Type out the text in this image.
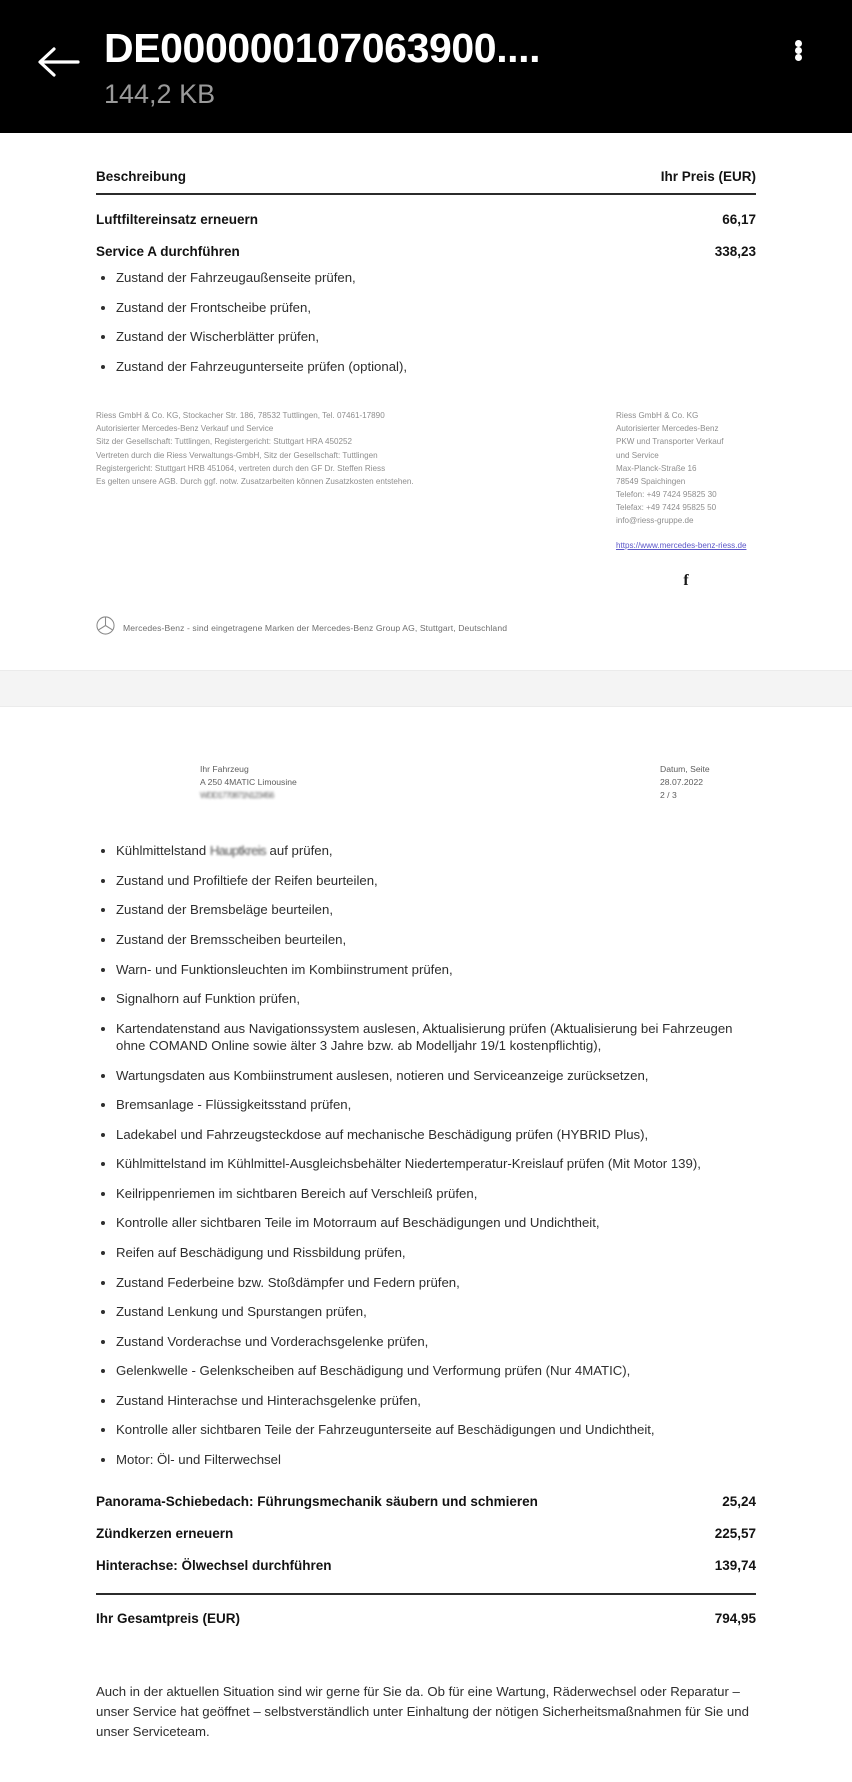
DE000000107063900....
144,2 KB
Beschreibung	Ihr Preis (EUR)
Luftfiltereinsatz erneuern	66,17
Service A durchführen	338,23
Zustand der Fahrzeugaußenseite prüfen,
Zustand der Frontscheibe prüfen,
Zustand der Wischerblätter prüfen,
Zustand der Fahrzeugunterseite prüfen (optional),
Riess GmbH & Co. KG, Stockacher Str. 186, 78532 Tuttlingen, Tel. 07461-17890
Autorisierter Mercedes-Benz Verkauf und Service
Sitz der Gesellschaft: Tuttlingen, Registergericht: Stuttgart HRA 450252
Vertreten durch die Riess Verwaltungs-GmbH, Sitz der Gesellschaft: Tuttlingen
Registergericht: Stuttgart HRB 451064, vertreten durch den GF Dr. Steffen Riess
Es gelten unsere AGB. Durch ggf. notw. Zusatzarbeiten können Zusatzkosten entstehen.
Riess GmbH & Co. KG
Autorisierter Mercedes-Benz
PKW und Transporter Verkauf
und Service
Max-Planck-Straße 16
78549 Spaichingen
Telefon: +49 7424 95825 30
Telefax: +49 7424 95825 50
info@riess-gruppe.de
https://www.mercedes-benz-riess.de
f
Mercedes-Benz - sind eingetragene Marken der Mercedes-Benz Group AG, Stuttgart, Deutschland
Ihr Fahrzeug
A 250 4MATIC Limousine
WDD1770871N123456
Datum, Seite
28.07.2022
2 / 3
Kühlmittelstand Hauptkreis auf prüfen,
Zustand und Profiltiefe der Reifen beurteilen,
Zustand der Bremsbeläge beurteilen,
Zustand der Bremsscheiben beurteilen,
Warn- und Funktionsleuchten im Kombiinstrument prüfen,
Signalhorn auf Funktion prüfen,
Kartendatenstand aus Navigationssystem auslesen, Aktualisierung prüfen (Aktualisierung bei Fahrzeugen ohne COMAND Online sowie älter 3 Jahre bzw. ab Modelljahr 19/1 kostenpflichtig),
Wartungsdaten aus Kombiinstrument auslesen, notieren und Serviceanzeige zurücksetzen,
Bremsanlage - Flüssigkeitsstand prüfen,
Ladekabel und Fahrzeugsteckdose auf mechanische Beschädigung prüfen (HYBRID Plus),
Kühlmittelstand im Kühlmittel-Ausgleichsbehälter Niedertemperatur-Kreislauf prüfen (Mit Motor 139),
Keilrippenriemen im sichtbaren Bereich auf Verschleiß prüfen,
Kontrolle aller sichtbaren Teile im Motorraum auf Beschädigungen und Undichtheit,
Reifen auf Beschädigung und Rissbildung prüfen,
Zustand Federbeine bzw. Stoßdämpfer und Federn prüfen,
Zustand Lenkung und Spurstangen prüfen,
Zustand Vorderachse und Vorderachsgelenke prüfen,
Gelenkwelle - Gelenkscheiben auf Beschädigung und Verformung prüfen (Nur 4MATIC),
Zustand Hinterachse und Hinterachsgelenke prüfen,
Kontrolle aller sichtbaren Teile der Fahrzeugunterseite auf Beschädigungen und Undichtheit,
Motor: Öl- und Filterwechsel
Panorama-Schiebedach: Führungsmechanik säubern und schmieren	25,24
Zündkerzen erneuern	225,57
Hinterachse: Ölwechsel durchführen	139,74
Ihr Gesamtpreis (EUR)	794,95
Auch in der aktuellen Situation sind wir gerne für Sie da. Ob für eine Wartung, Räderwechsel oder Reparatur – unser Service hat geöffnet – selbstverständlich unter Einhaltung der nötigen Sicherheitsmaßnahmen für Sie und unser Serviceteam.
